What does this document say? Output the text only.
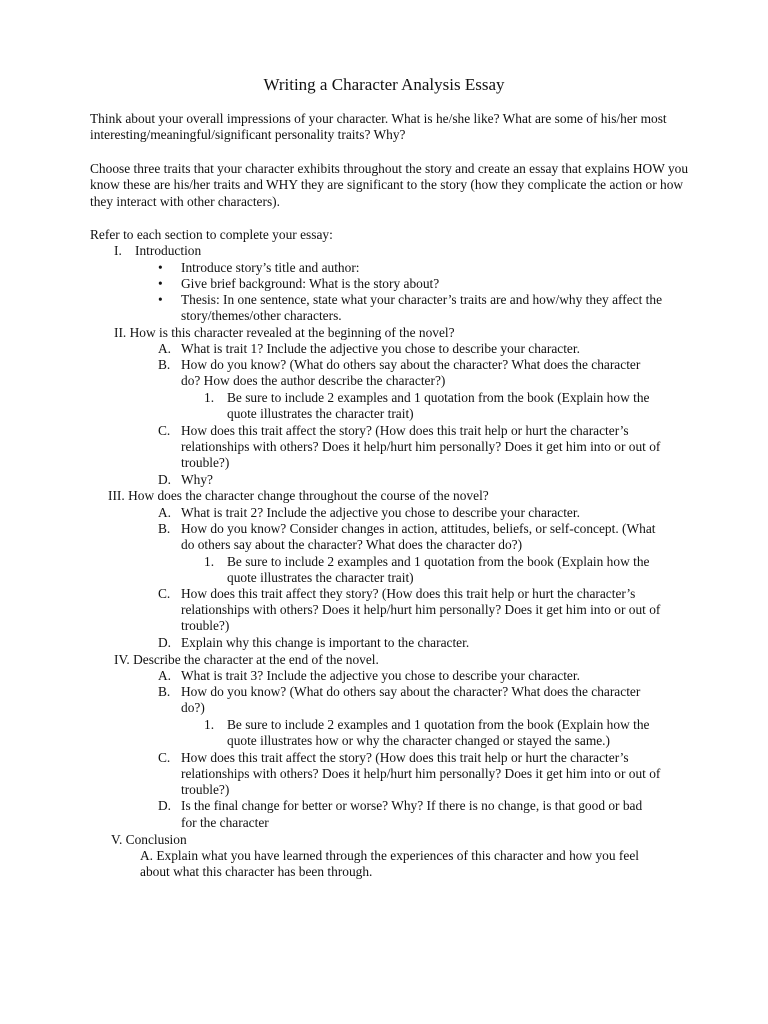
Writing a Character Analysis Essay
Think about your overall impressions of your character. What is he/she like? What are some of his/her most interesting/meaningful/significant personality traits? Why?
Choose three traits that your character exhibits throughout the story and create an essay that explains HOW you know these are his/her traits and WHY they are significant to the story (how they complicate the action or how they interact with other characters).
Refer to each section to complete your essay:
I. Introduction
• Introduce story’s title and author:
• Give brief background: What is the story about?
• Thesis: In one sentence, state what your character’s traits are and how/why they affect the
story/themes/other characters.
II. How is this character revealed at the beginning of the novel?
A. What is trait 1? Include the adjective you chose to describe your character.
B. How do you know? (What do others say about the character? What does the character
do? How does the author describe the character?)
1. Be sure to include 2 examples and 1 quotation from the book (Explain how the
quote illustrates the character trait)
C. How does this trait affect the story? (How does this trait help or hurt the character’s
relationships with others? Does it help/hurt him personally? Does it get him into or out of
trouble?)
D. Why?
III. How does the character change throughout the course of the novel?
A. What is trait 2? Include the adjective you chose to describe your character.
B. How do you know? Consider changes in action, attitudes, beliefs, or self-concept. (What
do others say about the character? What does the character do?)
1. Be sure to include 2 examples and 1 quotation from the book (Explain how the
quote illustrates the character trait)
C. How does this trait affect they story? (How does this trait help or hurt the character’s
relationships with others? Does it help/hurt him personally? Does it get him into or out of
trouble?)
D. Explain why this change is important to the character.
IV. Describe the character at the end of the novel.
A. What is trait 3? Include the adjective you chose to describe your character.
B. How do you know? (What do others say about the character? What does the character
do?)
1. Be sure to include 2 examples and 1 quotation from the book (Explain how the
quote illustrates how or why the character changed or stayed the same.)
C. How does this trait affect the story? (How does this trait help or hurt the character’s
relationships with others? Does it help/hurt him personally? Does it get him into or out of
trouble?)
D. Is the final change for better or worse? Why? If there is no change, is that good or bad
for the character
V. Conclusion
A. Explain what you have learned through the experiences of this character and how you feel
about what this character has been through.
